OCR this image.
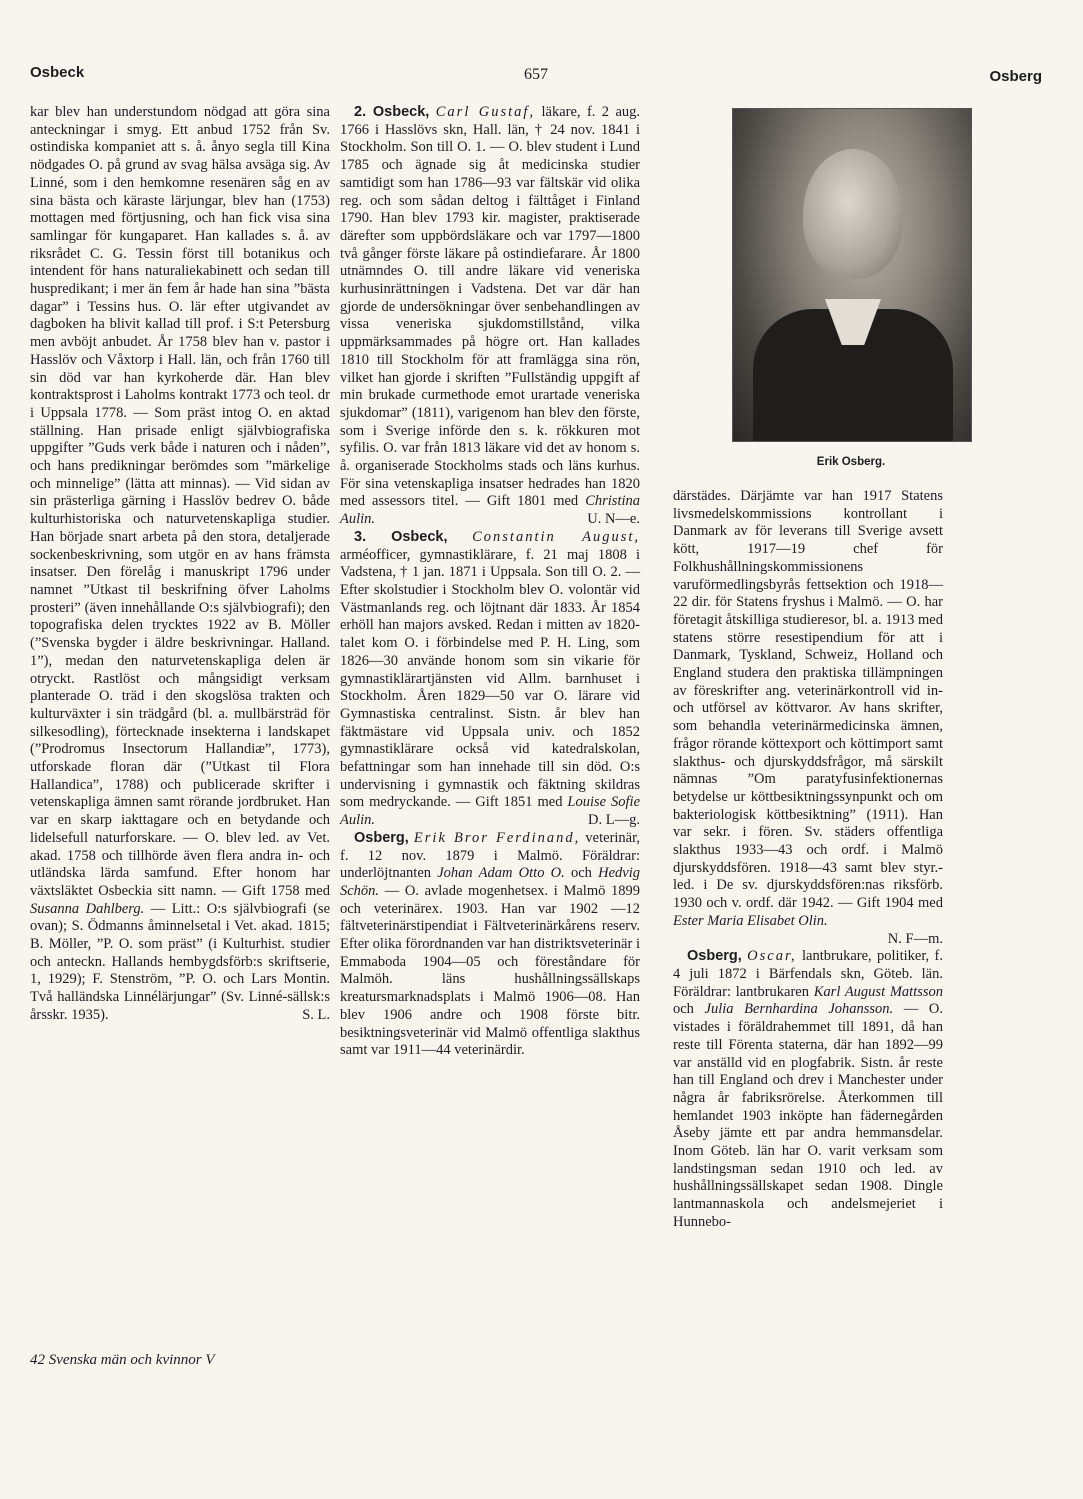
Osbeck	657	Osberg

kar blev han understundom nödgad att göra sina anteckningar i smyg. Ett anbud 1752 från Sv. ostindiska kompaniet att s. å. ånyo segla till Kina nödgades O. på grund av svag hälsa avsäga sig. Av Linné, som i den hemkomne resenären såg en av sina bästa och käraste lärjungar, blev han (1753) mottagen med förtjusning, och han fick visa sina samlingar för kungaparet. Han kallades s. å. av riksrådet C. G. Tessin först till botanikus och intendent för hans naturaliekabinett och sedan till huspredikant; i mer än fem år hade han sina ”bästa dagar” i Tessins hus. O. lär efter utgivandet av dagboken ha blivit kallad till prof. i S:t Petersburg men avböjt anbudet. År 1758 blev han v. pastor i Hasslöv och Våxtorp i Hall. län, och från 1760 till sin död var han kyrkoherde där. Han blev kontraktsprost i Laholms kontrakt 1773 och teol. dr i Uppsala 1778. — Som präst intog O. en aktad ställning. Han prisade enligt självbiografiska uppgifter ”Guds verk både i naturen och i nåden”, och hans predikningar berömdes som ”märkelige och minnelige” (lätta att minnas). — Vid sidan av sin prästerliga gärning i Hasslöv bedrev O. både kulturhistoriska och naturvetenskapliga studier. Han började snart arbeta på den stora, detaljerade sockenbeskrivning, som utgör en av hans främsta insatser. Den förelåg i manuskript 1796 under namnet ”Utkast til beskrifning öfver Laholms prosteri” (även innehållande O:s självbiografi); den topografiska delen trycktes 1922 av B. Möller (”Svenska bygder i äldre beskrivningar. Halland. 1”), medan den naturvetenskapliga delen är otryckt. Rastlöst och mångsidigt verksam planterade O. träd i den skogslösa trakten och kulturväxter i sin trädgård (bl. a. mullbärsträd för silkesodling), förtecknade insekterna i landskapet (”Prodromus Insectorum Hallandiæ”, 1773), utforskade floran där (”Utkast til Flora Hallandica”, 1788) och publicerade skrifter i vetenskapliga ämnen samt rörande jordbruket. Han var en skarp iakttagare och en betydande och lidelsefull naturforskare. — O. blev led. av Vet. akad. 1758 och tillhörde även flera andra in- och utländska lärda samfund. Efter honom har växtsläktet Osbeckia sitt namn. — Gift 1758 med Susanna Dahlberg. — Litt.: O:s självbiografi (se ovan); S. Ödmanns åminnelsetal i Vet. akad. 1815; B. Möller, ”P. O. som präst” (i Kulturhist. studier och anteckn. Hallands hembygdsförb:s skriftserie, 1, 1929); F. Stenström, ”P. O. och Lars Montin. Två halländska Linnélärjungar” (Sv. Linné-sällsk:s årsskr. 1935).	S. L.

2. Osbeck, Carl Gustaf, läkare, f. 2 aug. 1766 i Hasslövs skn, Hall. län, † 24 nov. 1841 i Stockholm. Son till O. 1. — O. blev student i Lund 1785 och ägnade sig åt medicinska studier samtidigt som han 1786—93 var fältskär vid olika reg. och som sådan deltog i fälttåget i Finland 1790. Han blev 1793 kir. magister, praktiserade därefter som uppbördsläkare och var 1797—1800 två gånger förste läkare på ostindiefarare. År 1800 utnämndes O. till andre läkare vid veneriska kurhusinrättningen i Vadstena. Det var där han gjorde de undersökningar över senbehandlingen av vissa veneriska sjukdomstillstånd, vilka uppmärksammades på högre ort. Han kallades 1810 till Stockholm för att framlägga sina rön, vilket han gjorde i skriften ”Fullständig uppgift af min brukade curmethode emot urartade veneriska sjukdomar” (1811), varigenom han blev den förste, som i Sverige införde den s. k. rökkuren mot syfilis. O. var från 1813 läkare vid det av honom s. å. organiserade Stockholms stads och läns kurhus. För sina vetenskapliga insatser hedrades han 1820 med assessors titel. — Gift 1801 med Christina Aulin.	U. N—e.

3. Osbeck, Constantin August, arméofficer, gymnastiklärare, f. 21 maj 1808 i Vadstena, † 1 jan. 1871 i Uppsala. Son till O. 2. — Efter skolstudier i Stockholm blev O. volontär vid Västmanlands reg. och löjtnant där 1833. År 1854 erhöll han majors avsked. Redan i mitten av 1820-talet kom O. i förbindelse med P. H. Ling, som 1826—30 använde honom som sin vikarie för gymnastiklärartjänsten vid Allm. barnhuset i Stockholm. Åren 1829—50 var O. lärare vid Gymnastiska centralinst. Sistn. år blev han fäktmästare vid Uppsala univ. och 1852 gymnastiklärare också vid katedralskolan, befattningar som han innehade till sin död. O:s undervisning i gymnastik och fäktning skildras som medryckande. — Gift 1851 med Louise Sofie Aulin.	D. L—g.

Osberg, Erik Bror Ferdinand, veterinär, f. 12 nov. 1879 i Malmö. Föräldrar: underlöjtnanten Johan Adam Otto O. och Hedvig Schön. — O. avlade mogenhetsex. i Malmö 1899 och veterinärex. 1903. Han var 1902 —12 fältveterinärstipendiat i Fältveterinärkårens reserv. Efter olika förordnanden var han distriktsveterinär i Emmaboda 1904—05 och föreståndare för Malmöh. läns hushållningssällskaps kreatursmarknadsplats i Malmö 1906—08. Han blev 1906 andre och 1908 förste bitr. besiktningsveterinär vid Malmö offentliga slakthus samt var 1911—44 veterinärdir.

Erik Osberg.

därstädes. Därjämte var han 1917 Statens livsmedelskommissions kontrollant i Danmark av för leverans till Sverige avsett kött, 1917—19 chef för Folkhushållningskommissionens varuförmedlingsbyrås fettsektion och 1918—22 dir. för Statens fryshus i Malmö. — O. har företagit åtskilliga studieresor, bl. a. 1913 med statens större resestipendium för att i Danmark, Tyskland, Schweiz, Holland och England studera den praktiska tillämpningen av föreskrifter ang. veterinärkontroll vid in- och utförsel av köttvaror. Av hans skrifter, som behandla veterinärmedicinska ämnen, frågor rörande köttexport och köttimport samt slakthus- och djurskyddsfrågor, må särskilt nämnas ”Om paratyfusinfektionernas betydelse ur köttbesiktningssynpunkt och om bakteriologisk köttbesiktning” (1911). Han var sekr. i fören. Sv. städers offentliga slakthus 1933—43 och ordf. i Malmö djurskyddsfören. 1918—43 samt blev styr.-led. i De sv. djurskyddsfören:nas riksförb. 1930 och v. ordf. där 1942. — Gift 1904 med Ester Maria Elisabet Olin.
N. F—m.

Osberg, Oscar, lantbrukare, politiker, f. 4 juli 1872 i Bärfendals skn, Göteb. län. Föräldrar: lantbrukaren Karl August Mattsson och Julia Bernhardina Johansson. — O. vistades i föräldrahemmet till 1891, då han reste till Förenta staterna, där han 1892—99 var anställd vid en plogfabrik. Sistn. år reste han till England och drev i Manchester under några år fabriksrörelse. Återkommen till hemlandet 1903 inköpte han fädernegården Åseby jämte ett par andra hemmansdelar. Inom Göteb. län har O. varit verksam som landstingsman sedan 1910 och led. av hushållningssällskapet sedan 1908. Dingle lantmannaskola och andelsmejeriet i Hunnebo-

42 Svenska män och kvinnor V
